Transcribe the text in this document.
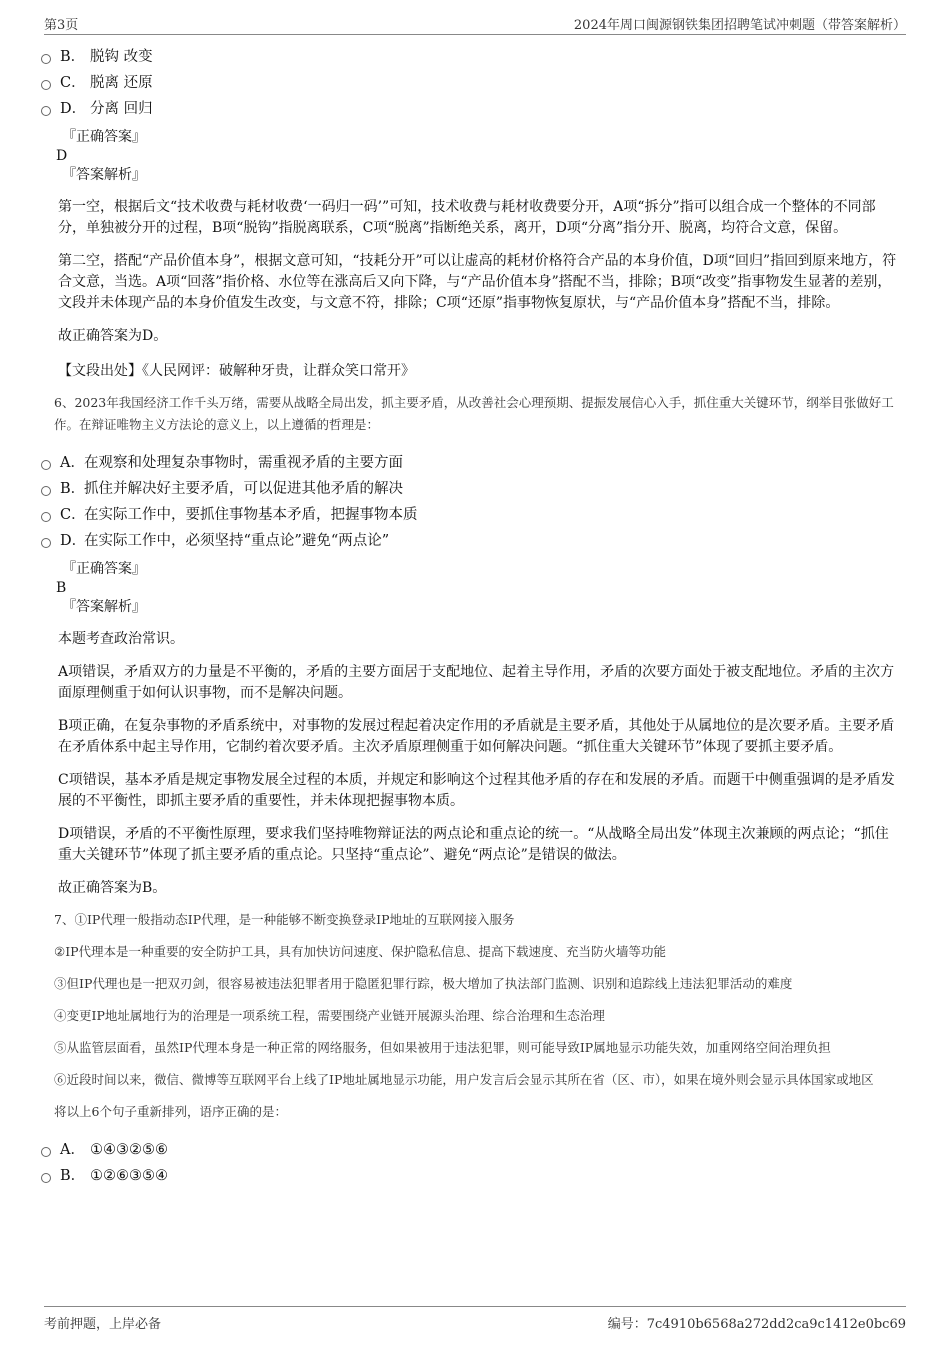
第3页	2024年周口闽源钢铁集团招聘笔试冲刺题（带答案解析）
B． 脱钩 改变
C． 脱离 还原
D． 分离 回归
『正确答案』
D
『答案解析』
第一空，根据后文“技术收费与耗材收费‘一码归一码’”可知，技术收费与耗材收费要分开，A项“拆分”指可以组合成一个整体的不同部分，单独被分开的过程，B项“脱钩”指脱离联系，C项“脱离”指断绝关系，离开，D项“分离”指分开、脱离，均符合文意，保留。
第二空，搭配“产品价值本身”，根据文意可知，“技耗分开”可以让虚高的耗材价格符合产品的本身价值，D项“回归”指回到原来地方，符合文意，当选。A项“回落”指价格、水位等在涨高后又向下降，与“产品价值本身”搭配不当，排除；B项“改变”指事物发生显著的差别，文段并未体现产品的本身价值发生改变，与文意不符，排除；C项“还原”指事物恢复原状，与“产品价值本身”搭配不当，排除。
故正确答案为D。
【文段出处】《人民网评：破解种牙贵，让群众笑口常开》
6、2023年我国经济工作千头万绪，需要从战略全局出发，抓主要矛盾，从改善社会心理预期、提振发展信心入手，抓住重大关键环节，纲举目张做好工作。在辩证唯物主义方法论的意义上，以上遵循的哲理是：
A． 在观察和处理复杂事物时，需重视矛盾的主要方面
B．
抓住并解决好主要矛盾，可以促进其他矛盾的解决
C．
在实际工作中，要抓住事物基本矛盾，把握事物本质
D．
在实际工作中，必须坚持“重点论”避免“两点论”
『正确答案』
B
『答案解析』
本题考查政治常识。
A项错误，矛盾双方的力量是不平衡的，矛盾的主要方面居于支配地位、起着主导作用，矛盾的次要方面处于被支配地位。矛盾的主次方面原理侧重于如何认识事物，而不是解决问题。
B项正确，在复杂事物的矛盾系统中，对事物的发展过程起着决定作用的矛盾就是主要矛盾，其他处于从属地位的是次要矛盾。主要矛盾在矛盾体系中起主导作用，它制约着次要矛盾。主次矛盾原理侧重于如何解决问题。“抓住重大关键环节”体现了要抓主要矛盾。
C项错误，基本矛盾是规定事物发展全过程的本质，并规定和影响这个过程其他矛盾的存在和发展的矛盾。而题干中侧重强调的是矛盾发展的不平衡性，即抓主要矛盾的重要性，并未体现把握事物本质。
D项错误，矛盾的不平衡性原理，要求我们坚持唯物辩证法的两点论和重点论的统一。“从战略全局出发”体现主次兼顾的两点论；“抓住重大关键环节”体现了抓主要矛盾的重点论。只坚持“重点论”、避免“两点论”是错误的做法。
故正确答案为B。
7、①IP代理一般指动态IP代理，是一种能够不断变换登录IP地址的互联网接入服务
②IP代理本是一种重要的安全防护工具，具有加快访问速度、保护隐私信息、提高下载速度、充当防火墙等功能
③但IP代理也是一把双刃剑，很容易被违法犯罪者用于隐匿犯罪行踪，极大增加了执法部门监测、识别和追踪线上违法犯罪活动的难度
④变更IP地址属地行为的治理是一项系统工程，需要围绕产业链开展源头治理、综合治理和生态治理
⑤从监管层面看，虽然IP代理本身是一种正常的网络服务，但如果被用于违法犯罪，则可能导致IP属地显示功能失效，加重网络空间治理负担
⑥近段时间以来，微信、微博等互联网平台上线了IP地址属地显示功能，用户发言后会显示其所在省（区、市），如果在境外则会显示具体国家或地区
将以上6个句子重新排列，语序正确的是：
A． ①④③②⑤⑥
B． ①②⑥③⑤④
考前押题，上岸必备	编号：7c4910b6568a272dd2ca9c1412e0bc69
